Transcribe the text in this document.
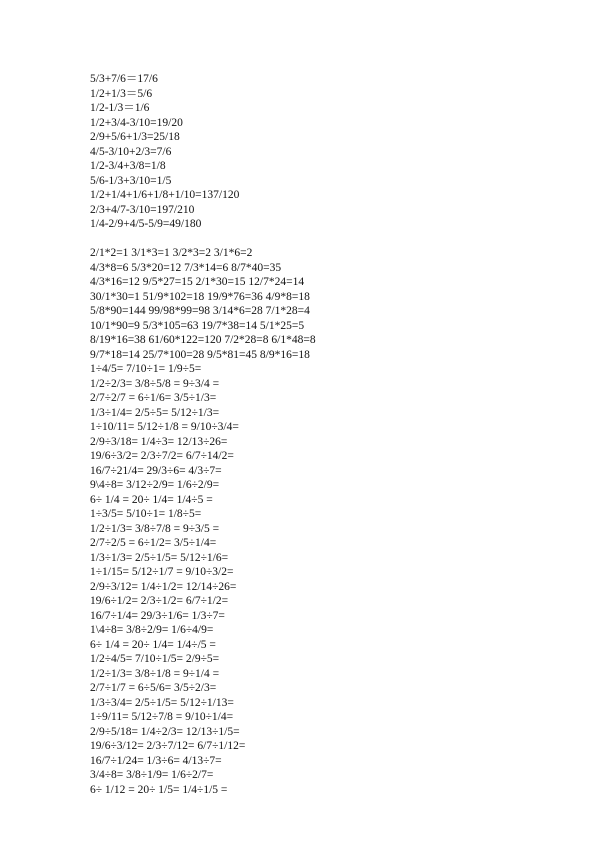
5/3+7/6＝17/6
1/2+1/3＝5/6
1/2-1/3＝1/6
1/2+3/4-3/10=19/20
2/9+5/6+1/3=25/18
4/5-3/10+2/3=7/6
1/2-3/4+3/8=1/8
5/6-1/3+3/10=1/5
1/2+1/4+1/6+1/8+1/10=137/120
2/3+4/7-3/10=197/210
1/4-2/9+4/5-5/9=49/180
2/1*2=1 3/1*3=1 3/2*3=2 3/1*6=2
4/3*8=6 5/3*20=12 7/3*14=6 8/7*40=35
4/3*16=12 9/5*27=15 2/1*30=15 12/7*24=14
30/1*30=1 51/9*102=18 19/9*76=36 4/9*8=18
5/8*90=144 99/98*99=98 3/14*6=28 7/1*28=4
10/1*90=9 5/3*105=63 19/7*38=14 5/1*25=5
8/19*16=38 61/60*122=120 7/2*28=8 6/1*48=8
9/7*18=14 25/7*100=28 9/5*81=45 8/9*16=18
1÷4/5= 7/10÷1= 1/9÷5=
1/2÷2/3= 3/8÷5/8 = 9÷3/4 =
2/7÷2/7 = 6÷1/6= 3/5÷1/3=
1/3÷1/4= 2/5÷5= 5/12÷1/3=
1÷10/11= 5/12÷1/8 = 9/10÷3/4=
2/9÷3/18= 1/4÷3= 12/13÷26=
19/6÷3/2= 2/3÷7/2= 6/7÷14/2=
16/7÷21/4= 29/3÷6= 4/3÷7=
9\4÷8= 3/12÷2/9= 1/6÷2/9=
6÷ 1/4 = 20÷ 1/4= 1/4÷5 =
1÷3/5= 5/10÷1= 1/8÷5=
1/2÷1/3= 3/8÷7/8 = 9÷3/5 =
2/7÷2/5 = 6÷1/2= 3/5÷1/4=
1/3÷1/3= 2/5÷1/5= 5/12÷1/6=
1÷1/15= 5/12÷1/7 = 9/10÷3/2=
2/9÷3/12= 1/4÷1/2= 12/14÷26=
19/6÷1/2= 2/3÷1/2= 6/7÷1/2=
16/7÷1/4= 29/3÷1/6= 1/3÷7=
1\4÷8= 3/8÷2/9= 1/6÷4/9=
6÷ 1/4 = 20÷ 1/4= 1/4÷/5 =
1/2÷4/5= 7/10÷1/5= 2/9÷5=
1/2÷1/3= 3/8÷1/8 = 9÷1/4 =
2/7÷1/7 = 6÷5/6= 3/5÷2/3=
1/3÷3/4= 2/5÷1/5= 5/12÷1/13=
1÷9/11= 5/12÷7/8 = 9/10÷1/4=
2/9÷5/18= 1/4÷2/3= 12/13÷1/5=
19/6÷3/12= 2/3÷7/12= 6/7÷1/12=
16/7÷1/24= 1/3÷6= 4/13÷7=
3/4÷8= 3/8÷1/9= 1/6÷2/7=
6÷ 1/12 = 20÷ 1/5= 1/4÷1/5 =
